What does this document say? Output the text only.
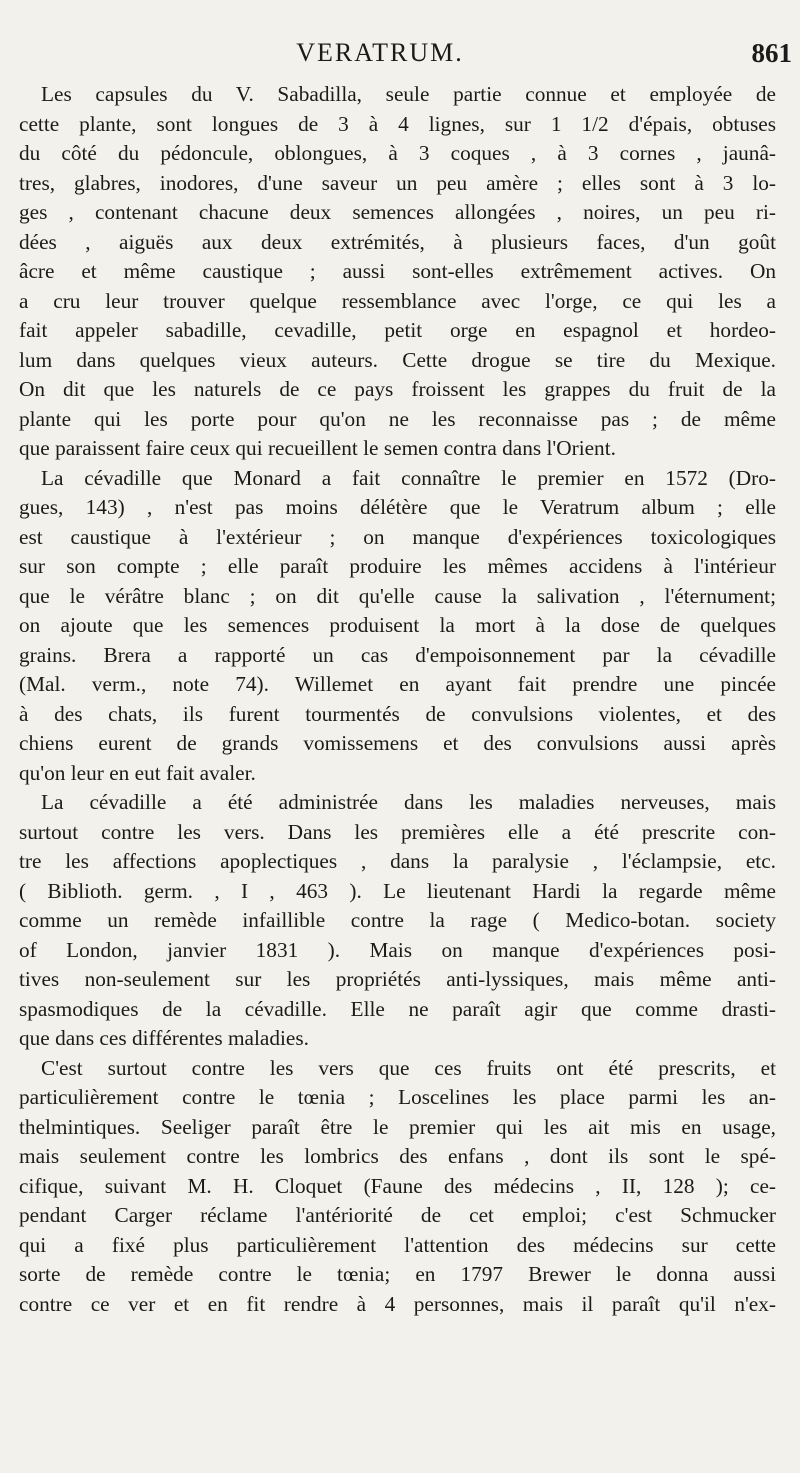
VERATRUM.	861
Les capsules du V. Sabadilla, seule partie connue et employée de
cette plante, sont longues de 3 à 4 lignes, sur 1 1/2 d'épais, obtuses
du côté du pédoncule, oblongues, à 3 coques , à 3 cornes , jaunâ-
tres, glabres, inodores, d'une saveur un peu amère ; elles sont à 3 lo-
ges , contenant chacune deux semences allongées , noires, un peu ri-
dées , aiguës aux deux extrémités, à plusieurs faces, d'un goût
âcre et même caustique ; aussi sont-elles extrêmement actives. On
a cru leur trouver quelque ressemblance avec l'orge, ce qui les a
fait appeler sabadille, cevadille, petit orge en espagnol et hordeo-
lum dans quelques vieux auteurs. Cette drogue se tire du Mexique.
On dit que les naturels de ce pays froissent les grappes du fruit de la
plante qui les porte pour qu'on ne les reconnaisse pas ; de même
que paraissent faire ceux qui recueillent le semen contra dans l'Orient.
La cévadille que Monard a fait connaître le premier en 1572 (Dro-
gues, 143) , n'est pas moins délétère que le Veratrum album ; elle
est caustique à l'extérieur ; on manque d'expériences toxicologiques
sur son compte ; elle paraît produire les mêmes accidens à l'intérieur
que le vérâtre blanc ; on dit qu'elle cause la salivation , l'éternument;
on ajoute que les semences produisent la mort à la dose de quelques
grains. Brera a rapporté un cas d'empoisonnement par la cévadille
(Mal. verm., note 74). Willemet en ayant fait prendre une pincée
à des chats, ils furent tourmentés de convulsions violentes, et des
chiens eurent de grands vomissemens et des convulsions aussi après
qu'on leur en eut fait avaler.
La cévadille a été administrée dans les maladies nerveuses, mais
surtout contre les vers. Dans les premières elle a été prescrite con-
tre les affections apoplectiques , dans la paralysie , l'éclampsie, etc.
( Biblioth. germ. , I , 463 ). Le lieutenant Hardi la regarde même
comme un remède infaillible contre la rage ( Medico-botan. society
of London, janvier 1831 ). Mais on manque d'expériences posi-
tives non-seulement sur les propriétés anti-lyssiques, mais même anti-
spasmodiques de la cévadille. Elle ne paraît agir que comme drasti-
que dans ces différentes maladies.
C'est surtout contre les vers que ces fruits ont été prescrits, et
particulièrement contre le tœnia ; Loscelines les place parmi les an-
thelmintiques. Seeliger paraît être le premier qui les ait mis en usage,
mais seulement contre les lombrics des enfans , dont ils sont le spé-
cifique, suivant M. H. Cloquet (Faune des médecins , II, 128 ); ce-
pendant Carger réclame l'antériorité de cet emploi; c'est Schmucker
qui a fixé plus particulièrement l'attention des médecins sur cette
sorte de remède contre le tœnia; en 1797 Brewer le donna aussi
contre ce ver et en fit rendre à 4 personnes, mais il paraît qu'il n'ex-
